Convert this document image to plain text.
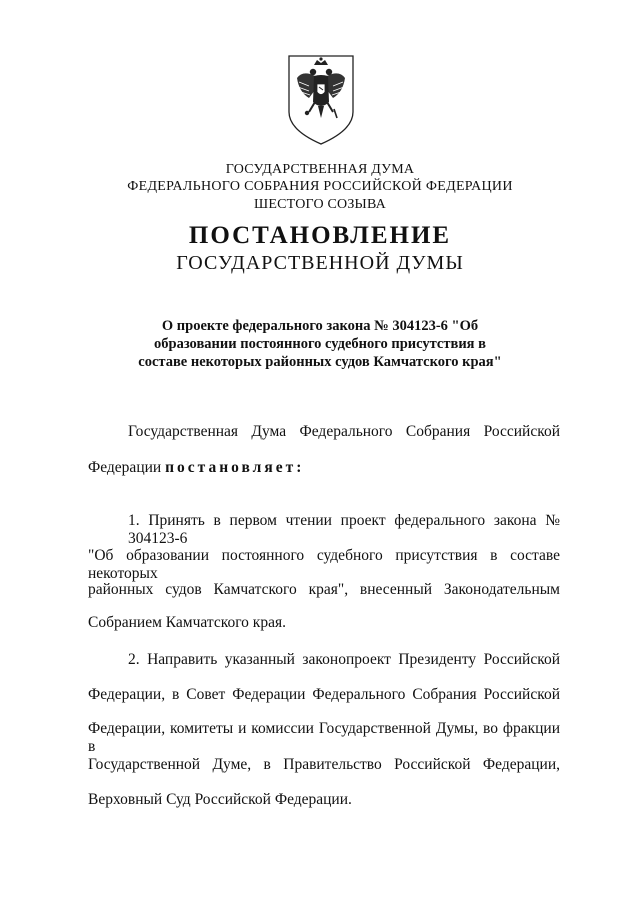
ГОСУДАРСТВЕННАЯ ДУМА
ФЕДЕРАЛЬНОГО СОБРАНИЯ РОССИЙСКОЙ ФЕДЕРАЦИИ
ШЕСТОГО СОЗЫВА
ПОСТАНОВЛЕНИЕ
ГОСУДАРСТВЕННОЙ ДУМЫ
О проекте федерального закона № 304123-6 "Об
образовании постоянного судебного присутствия в
составе некоторых районных судов Камчатского края"
Государственная Дума Федерального Собрания Российской
Федерации постановляет:
1. Принять в первом чтении проект федерального закона № 304123-6
"Об образовании постоянного судебного присутствия в составе некоторых
районных судов Камчатского края", внесенный Законодательным
Собранием Камчатского края.
2. Направить указанный законопроект Президенту Российской
Федерации, в Совет Федерации Федерального Собрания Российской
Федерации, комитеты и комиссии Государственной Думы, во фракции в
Государственной Думе, в Правительство Российской Федерации,
Верховный Суд Российской Федерации.
